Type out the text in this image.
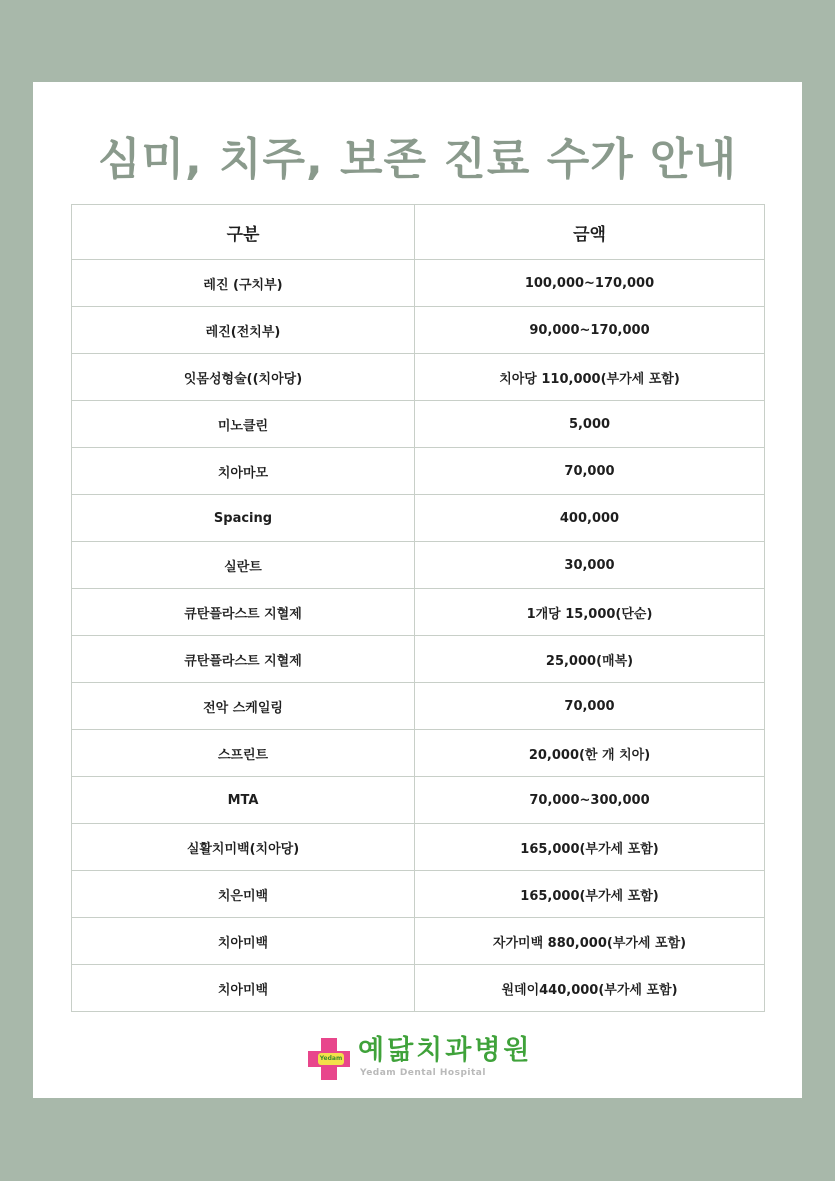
심미, 치주, 보존 진료 수가 안내
구분	금액
레진 (구치부)	100,000~170,000
레진(전치부)	90,000~170,000
잇몸성형술((치아당)	치아당 110,000(부가세 포함)
미노클린	5,000
치아마모	70,000
Spacing	400,000
실란트	30,000
큐탄플라스트 지혈제	1개당 15,000(단순)
큐탄플라스트 지혈제	25,000(매복)
전악 스케일링	70,000
스프린트	20,000(한 개 치아)
MTA	70,000~300,000
실활치미백(치아당)	165,000(부가세 포함)
치은미백	165,000(부가세 포함)
치아미백	자가미백 880,000(부가세 포함)
치아미백	원데이440,000(부가세 포함)
Yedam 예닮치과병원
Yedam Dental Hospital
